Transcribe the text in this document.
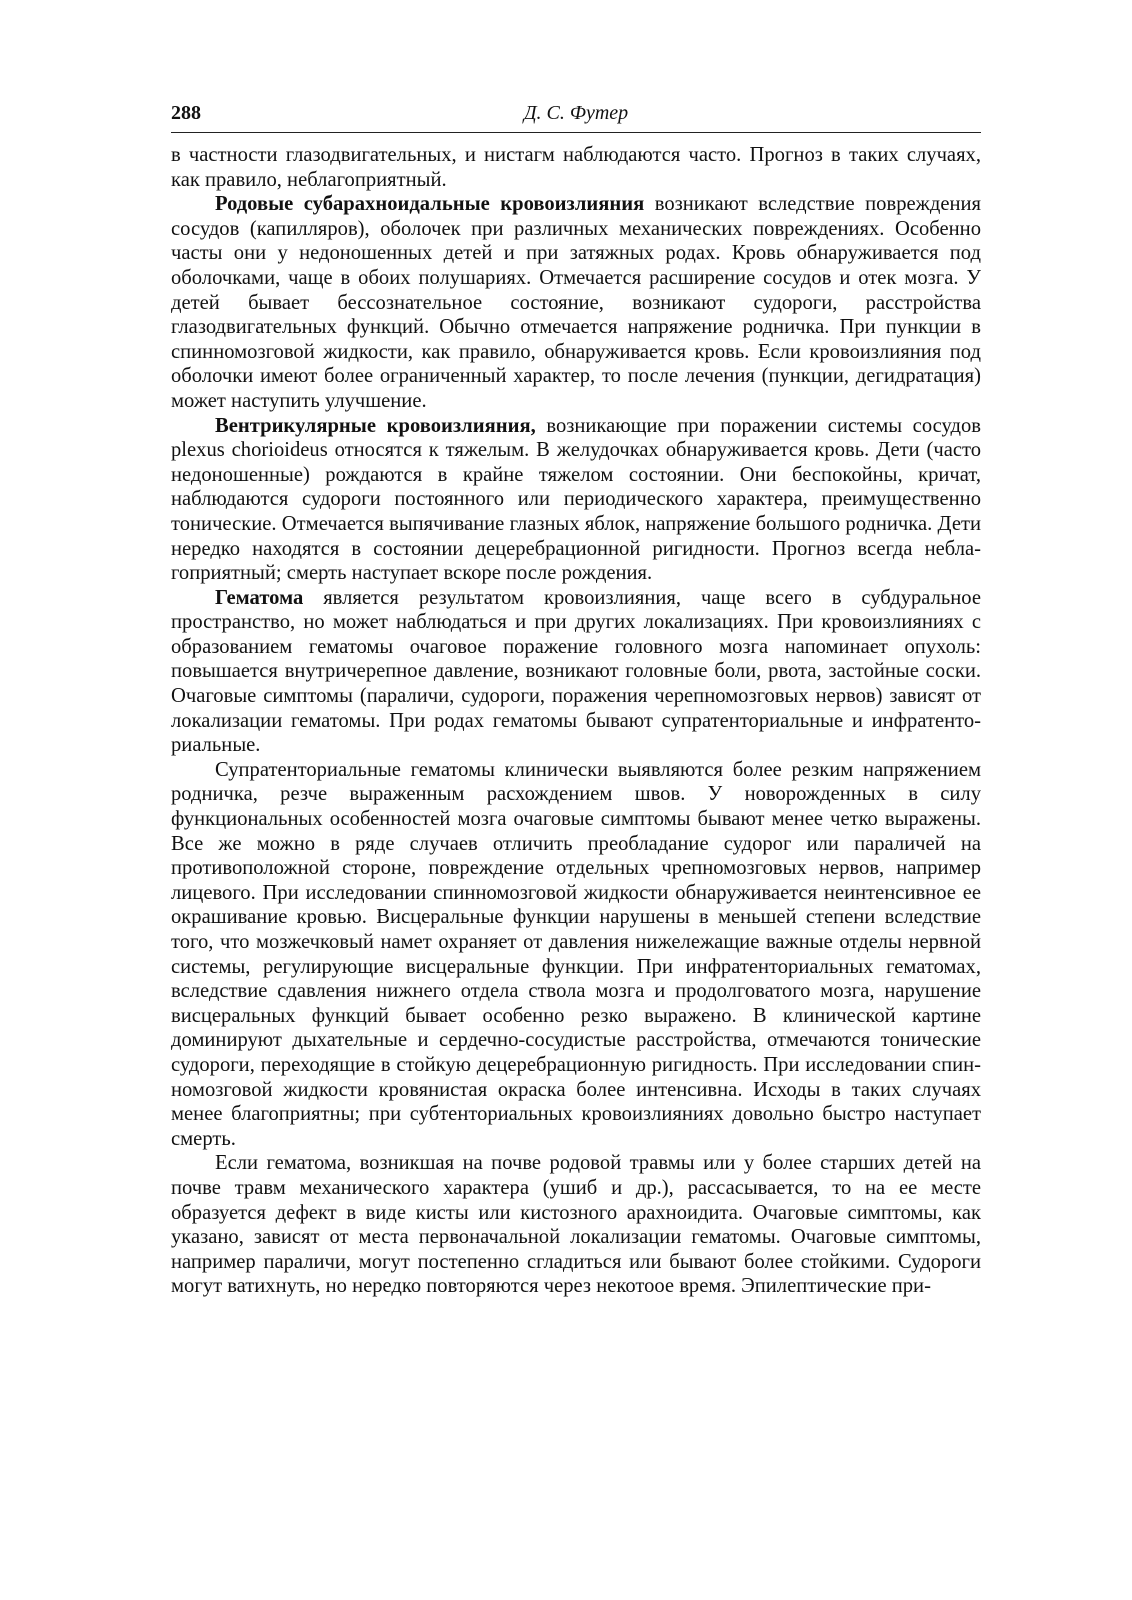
288	Д. С. Футер

в частности глазодвигательных, и нистагм наблюдаются часто. Прогноз в таких случаях, как правило, неблагоприятный.

Родовые субарахноидальные кровоизлияния возникают вследствие повреждения сосудов (капилляров), оболочек при различных механических повреждениях. Особенно часты они у недоношенных детей и при затяжных родах. Кровь обнаруживается под оболочками, чаще в обоих полушариях. Отмечается расширение сосудов и отек мозга. У детей бывает бессознательное состояние, возникают судороги, расстройства глазодвигательных функций. Обычно отмечается напряжение родничка. При пункции в спинномозговой жидкости, как правило, обнаруживается кровь. Если кровоизлияния под оболочки имеют более ограниченный характер, то после лечения (пункции, дегидратация) может наступить улучшение.

Вентрикулярные кровоизлияния, возникающие при поражении системы сосудов plexus chorioideus относятся к тяжелым. В желудочках обнаруживается кровь. Дети (часто недоношенные) рождаются в крайне тяжелом состоянии. Они беспокойны, кричат, наблюдаются судороги постоянного или периодического характера, преимущественно тонические. Отмечается выпячивание глазных яблок, напряжение большого родничка. Дети нередко находятся в состоянии децеребрационной ригидности. Прогноз всегда неблагоприятный; смерть наступает вскоре после рождения.

Гематома является результатом кровоизлияния, чаще всего в субдуральное пространство, но может наблюдаться и при других локализациях. При кровоизлияниях с образованием гематомы очаговое поражение головного мозга напоминает опухоль: повышается внутричерепное давление, возникают головные боли, рвота, застойные соски. Очаговые симптомы (параличи, судороги, поражения черепномозговых нервов) зависят от локализации гематомы. При родах гематомы бывают супратенториальные и инфратенториальные.

Супратенториальные гематомы клинически выявляются более резким напряжением родничка, резче выраженным расхождением швов. У новорожденных в силу функциональных особенностей мозга очаговые симптомы бывают менее четко выражены. Все же можно в ряде случаев отличить преобладание судорог или параличей на противоположной стороне, повреждение отдельных чрепномозговых нервов, например лицевого. При исследовании спинномозговой жидкости обнаруживается неинтенсивное ее окрашивание кровью. Висцеральные функции нарушены в меньшей степени вследствие того, что мозжечковый намет охраняет от давления нижележащие важные отделы нервной системы, регулирующие висцеральные функции. При инфратенториальных гематомах, вследствие сдавления нижнего отдела ствола мозга и продолговатого мозга, нарушение висцеральных функций бывает особенно резко выражено. В клинической картине доминируют дыхательные и сердечно-сосудистые расстройства, отмечаются тонические судороги, переходящие в стойкую децеребрационную ригидность. При исследовании спинномозговой жидкости кровянистая окраска более интенсивна. Исходы в таких случаях менее благоприятны; при субтенториальных кровоизлияниях довольно быстро наступает смерть.

Если гематома, возникшая на почве родовой травмы или у более старших детей на почве травм механического характера (ушиб и др.), рассасывается, то на ее месте образуется дефект в виде кисты или кистозного арахноидита. Очаговые симптомы, как указано, зависят от места первоначальной локализации гематомы. Очаговые симптомы, например параличи, могут постепенно сгладиться или бывают более стойкими. Судороги могут ватихнуть, но нередко повторяются через некотоое время. Эпилептические при-
